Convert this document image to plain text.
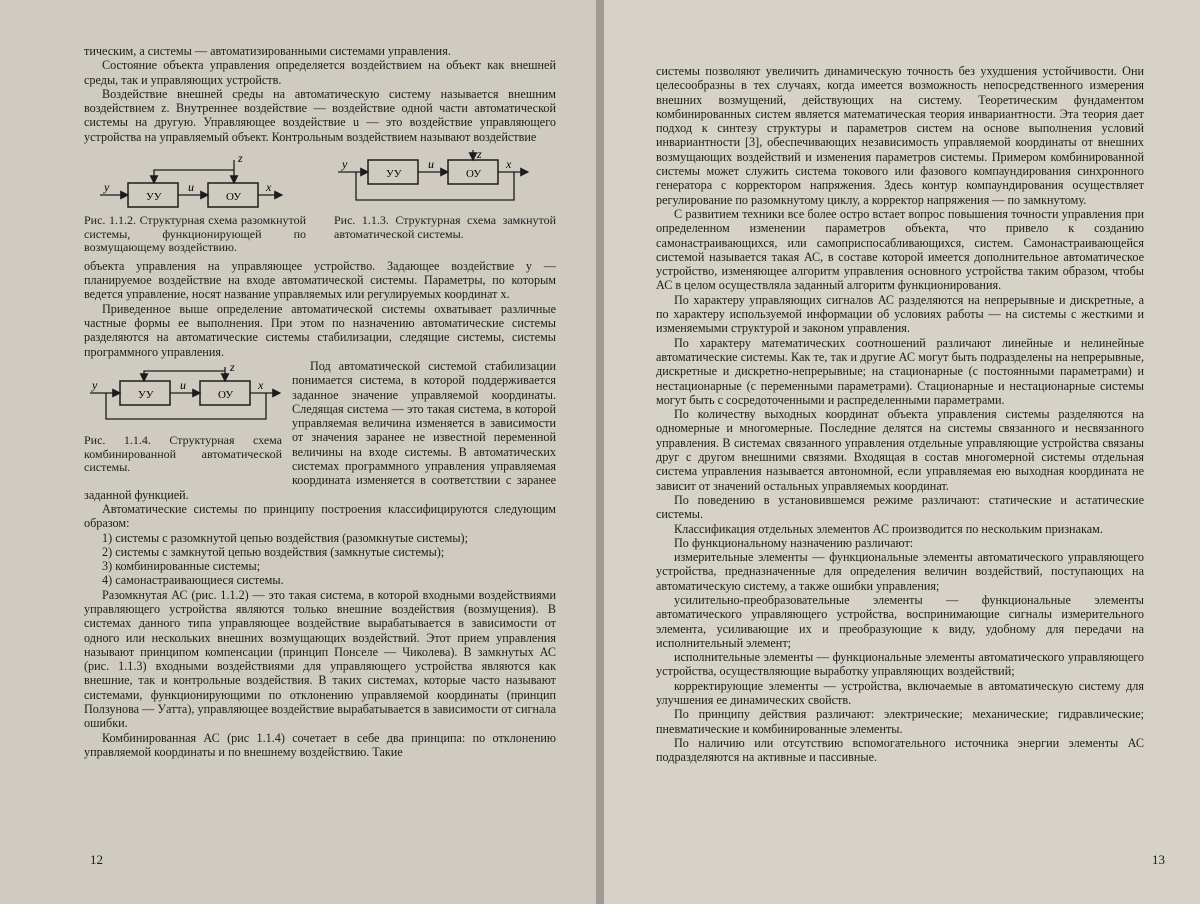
тическим, а системы — автоматизированными системами управления.

Состояние объекта управления определяется воздействием на объект как внешней среды, так и управляющих устройств.

Воздействие внешней среды на автоматическую систему называется внешним воздействием z. Внутреннее воздействие — воздействие одной части автоматической системы на другую. Управляющее воздействие u — это воздействие управляющего устройства на управляемый объект. Контрольным воздействием называют воздействие

УУ	ОУ
y	u	x
z

Рис. 1.1.2. Структурная схема разомкнутой системы, функционирующей по возмущающему воздействию.

УУ	ОУ
y	u	x
z

Рис. 1.1.3. Структурная схема замкнутой автоматической системы.

объекта управления на управляющее устройство. Задающее воздействие y — планируемое воздействие на входе автоматической системы. Параметры, по которым ведется управление, носят название управляемых или регулируемых координат x.

Приведенное выше определение автоматической системы охватывает различные частные формы ее выполнения. При этом по назначению автоматические системы разделяются на автоматические системы стабилизации, следящие системы, системы программного управления.

УУ	ОУ
y	u	x
z

Рис. 1.1.4. Структурная схема комбинированной автоматической системы.

Под автоматической системой стабилизации понимается система, в которой поддерживается заданное значение управляемой координаты. Следящая система — это такая система, в которой управляемая величина изменяется в зависимости от значения заранее не известной переменной величины на входе системы. В автоматических системах программного управления управляемая координата изменяется в соответствии с заранее заданной функцией.

Автоматические системы по принципу построения классифицируются следующим образом:

1) системы с разомкнутой цепью воздействия (разомкнутые системы);

2) системы с замкнутой цепью воздействия (замкнутые системы);

3) комбинированные системы;

4) самонастраивающиеся системы.

Разомкнутая АС (рис. 1.1.2) — это такая система, в которой входными воздействиями управляющего устройства являются только внешние воздействия (возмущения). В системах данного типа управляющее воздействие вырабатывается в зависимости от одного или нескольких внешних возмущающих воздействий. Этот прием управления называют принципом компенсации (принцип Понселе — Чиколева). В замкнутых АС (рис. 1.1.3) входными воздействиями для управляющего устройства являются как внешние, так и контрольные воздействия. В таких системах, которые часто называют системами, функционирующими по отклонению управляемой координаты (принцип Ползунова — Уатта), управляющее воздействие вырабатывается в зависимости от сигнала ошибки.

Комбинированная АС (рис 1.1.4) сочетает в себе два принципа: по отклонению управляемой координаты и по внешнему воздействию. Такие

системы позволяют увеличить динамическую точность без ухудшения устойчивости. Они целесообразны в тех случаях, когда имеется возможность непосредственного измерения внешних возмущений, действующих на систему. Теоретическим фундаментом комбинированных систем является математическая теория инвариантности. Эта теория дает подход к синтезу структуры и параметров систем на основе выполнения условий инвариантности [3], обеспечивающих независимость управляемой координаты от внешних возмущающих воздействий и изменения параметров системы. Примером комбинированной системы может служить система токового или фазового компаундирования синхронного генератора с корректором напряжения. Здесь контур компаундирования осуществляет регулирование по разомкнутому циклу, а корректор напряжения — по замкнутому.

С развитием техники все более остро встает вопрос повышения точности управления при определенном изменении параметров объекта, что привело к созданию самонастраивающихся, или самоприспосабливающихся, систем. Самонастраивающейся системой называется такая АС, в составе которой имеется дополнительное автоматическое устройство, изменяющее алгоритм управления основного устройства таким образом, чтобы АС в целом осуществляла заданный алгоритм функционирования.

По характеру управляющих сигналов АС разделяются на непрерывные и дискретные, а по характеру используемой информации об условиях работы — на системы с жесткими и изменяемыми структурой и законом управления.

По характеру математических соотношений различают линейные и нелинейные автоматические системы. Как те, так и другие АС могут быть подразделены на непрерывные, дискретные и дискретно-непрерывные; на стационарные (с постоянными параметрами) и нестационарные (с переменными параметрами). Стационарные и нестационарные системы могут быть с сосредоточенными и распределенными параметрами.

По количеству выходных координат объекта управления системы разделяются на одномерные и многомерные. Последние делятся на системы связанного и несвязанного управления. В системах связанного управления отдельные управляющие устройства связаны друг с другом внешними связями. Входящая в состав многомерной системы отдельная система управления называется автономной, если управляемая ею выходная координата не зависит от значений остальных управляемых координат.

По поведению в установившемся режиме различают: статические и астатические системы.

Классификация отдельных элементов АС производится по нескольким признакам.

По функциональному назначению различают:

измерительные элементы — функциональные элементы автоматического управляющего устройства, предназначенные для определения величин воздействий, поступающих на автоматическую систему, а также ошибки управления;

усилительно-преобразовательные элементы — функциональные элементы автоматического управляющего устройства, воспринимающие сигналы измерительного элемента, усиливающие их и преобразующие к виду, удобному для передачи на исполнительный элемент;

исполнительные элементы — функциональные элементы автоматического управляющего устройства, осуществляющие выработку управляющих воздействий;

корректирующие элементы — устройства, включаемые в автоматическую систему для улучшения ее динамических свойств.

По принципу действия различают: электрические; механические; гидравлические; пневматические и комбинированные элементы.

По наличию или отсутствию вспомогательного источника энергии элементы АС подразделяются на активные и пассивные.

12	13
